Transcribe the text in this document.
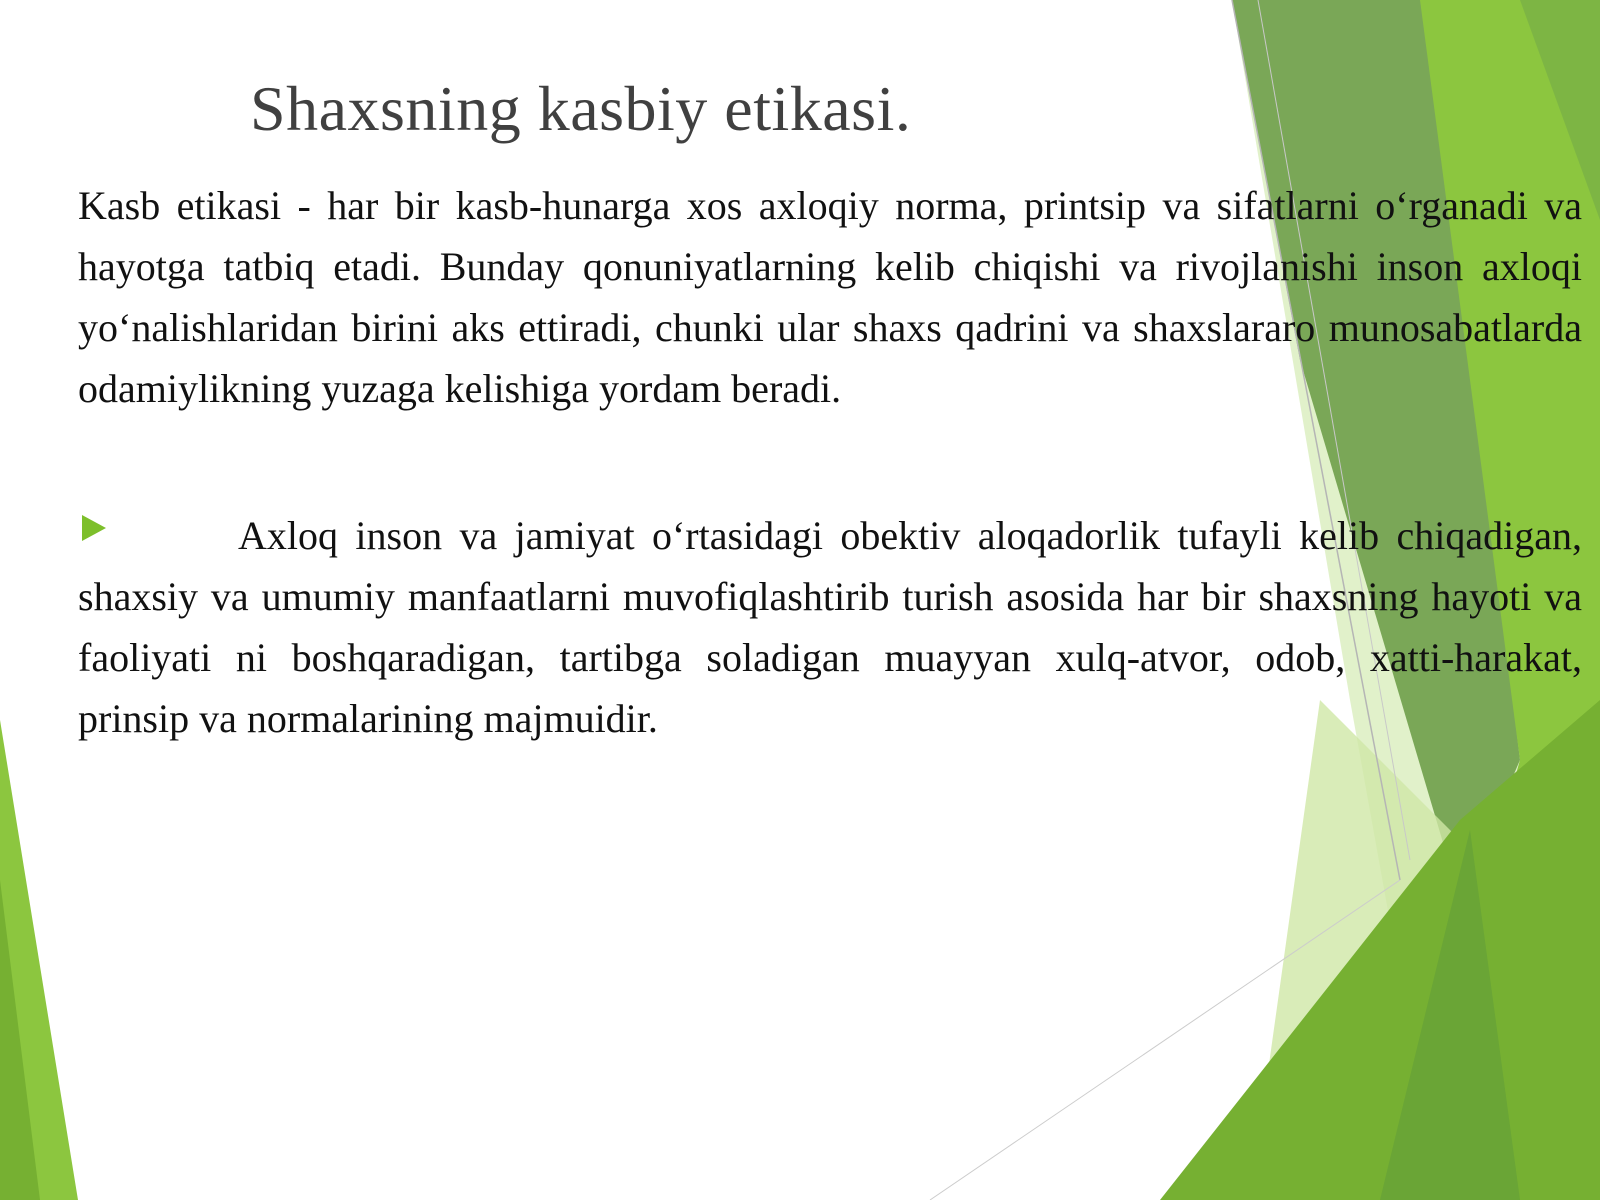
Shaxsning kasbiy etikasi.

Kasb etikasi - har bir kasb-hunarga xos axloqiy norma, printsip va sifatlarni o‘rganadi va hayotga tatbiq etadi. Bunday qonuniyatlarning kelib chiqishi va rivojlanishi inson axloqi yo‘nalishlaridan birini aks ettiradi, chunki ular shaxs qadrini va shaxslararo munosabatlarda odamiylikning yuzaga kelishiga yordam beradi.

Axloq inson va jamiyat o‘rtasidagi obektiv aloqadorlik tufayli kelib chiqadigan, shaxsiy va umumiy manfaatlarni muvofiqlashtirib turish asosida har bir shaxsning hayoti va faoliyati ni boshqaradigan, tartibga soladigan muayyan xulq-atvor, odob, xatti-harakat, prinsip va normalarining majmuidir.
